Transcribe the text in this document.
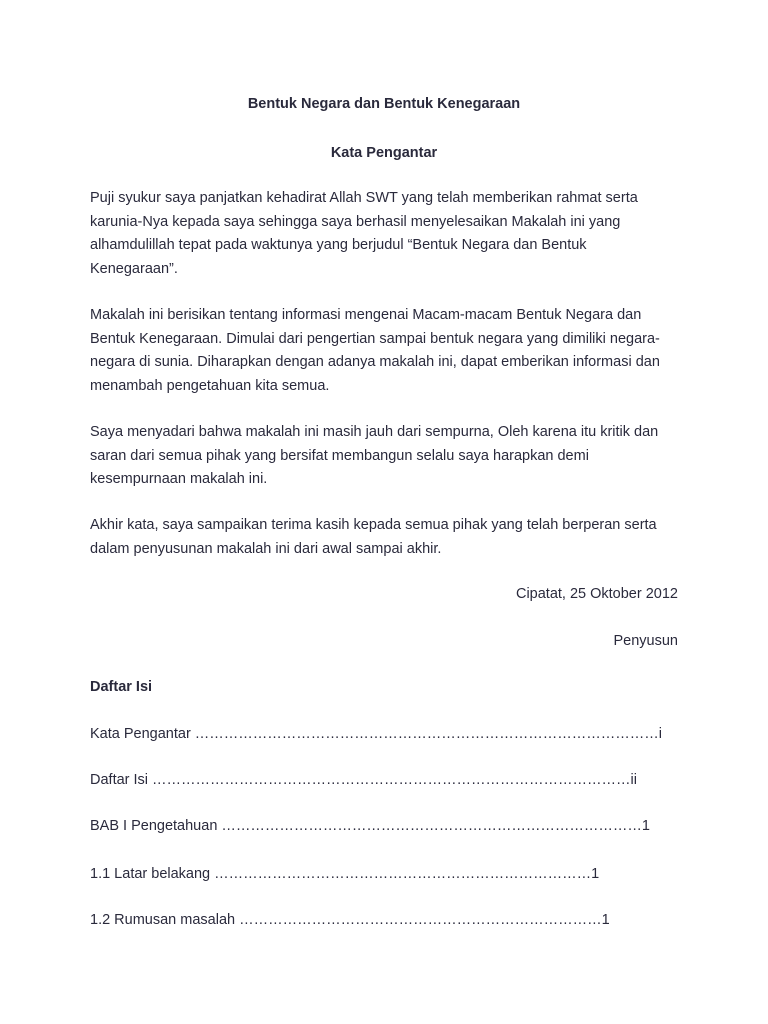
Bentuk Negara dan Bentuk Kenegaraan
Kata Pengantar

Puji syukur saya panjatkan kehadirat Allah SWT yang telah memberikan rahmat serta karunia-Nya kepada saya sehingga saya berhasil menyelesaikan Makalah ini yang alhamdulillah tepat pada waktunya yang berjudul “Bentuk Negara dan Bentuk Kenegaraan”.

Makalah ini berisikan tentang informasi mengenai Macam-macam Bentuk Negara dan Bentuk Kenegaraan. Dimulai dari pengertian sampai bentuk negara yang dimiliki negara-negara di sunia. Diharapkan dengan adanya makalah ini, dapat emberikan informasi dan menambah pengetahuan kita semua.

Saya menyadari bahwa makalah ini masih jauh dari sempurna, Oleh karena itu kritik dan saran dari semua pihak yang bersifat membangun selalu saya harapkan demi kesempurnaan makalah ini.

Akhir kata, saya sampaikan terima kasih kepada semua pihak yang telah berperan serta dalam penyusunan makalah ini dari awal sampai akhir.

Cipatat, 25 Oktober 2012
Penyusun
Daftar Isi
Kata Pengantar ……………………………………………………………………………………i
Daftar Isi ………………………………………………………………………………………ii
BAB I Pengetahuan ……………………………………………………………………………1
1.1 Latar belakang ……………………………………………………………………1
1.2 Rumusan masalah …………………………………………………………………1
